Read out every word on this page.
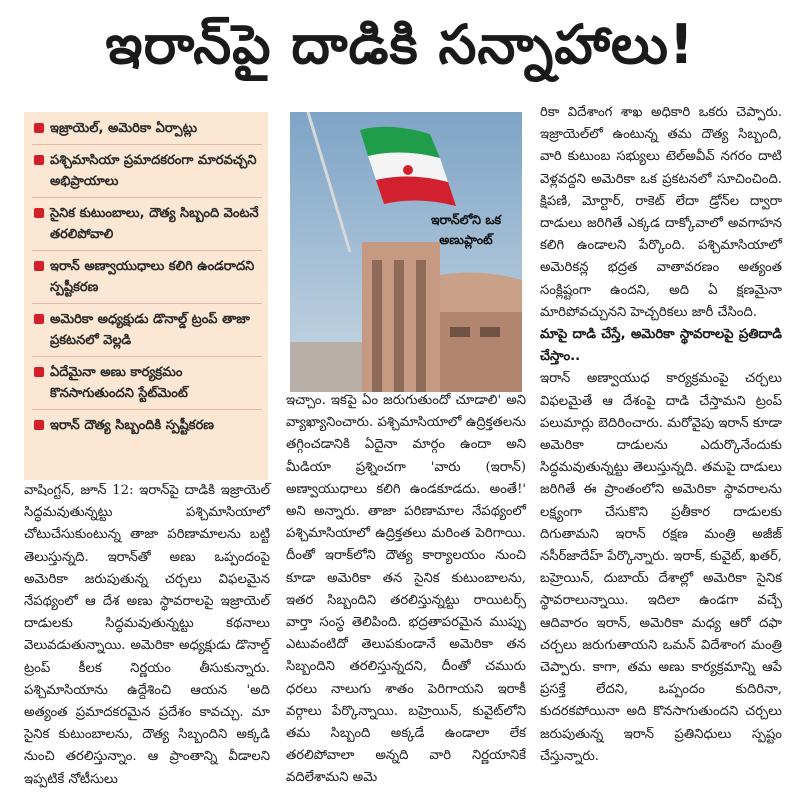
ఇరాన్‌పై దాడికి సన్నాహాలు!
ఇజ్రాయెల్, అమెరికా ఏర్పాట్లు
పశ్చిమాసియా ప్రమాదకరంగా మారవచ్చని అభిప్రాయాలు
సైనిక కుటుంబాలు, దౌత్య సిబ్బంది వెంటనే తరలిపోవాలి
ఇరాన్ అణ్వాయుధాలు కలిగి ఉండరాదని స్పష్టీకరణ
అమెరికా అధ్యక్షుడు డొనాల్డ్ ట్రంప్ తాజా ప్రకటనలో వెల్లడి
ఏదేమైనా అణు కార్యక్రమం కొనసాగుతుందని స్టేట్‌మెంట్
ఇరాన్ దౌత్య సిబ్బందికి స్పష్టీకరణ
ఇరాన్‌లోని ఒక అణుప్లాంట్

వాషింగ్టన్, జూన్ 12: ఇరాన్‌పై దాడికి ఇజ్రాయెల్ సిద్ధమవుతున్నట్టు పశ్చిమాసియాలో చోటుచేసుకుంటున్న తాజా పరిణామాలను బట్టి తెలుస్తున్నది. ఇరాన్‌తో అణు ఒప్పందంపై అమెరికా జరుపుతున్న చర్చలు విఫలమైన నేపథ్యంలో ఆ దేశ అణు స్థావరాలపై ఇజ్రాయెల్ దాడులకు సిద్ధమవుతున్నట్టు కథనాలు వెలువడుతున్నాయి. అమెరికా అధ్యక్షుడు డొనాల్డ్ ట్రంప్ కీలక నిర్ణయం తీసుకున్నారు. పశ్చిమాసియాను ఉద్దేశించి ఆయన 'అది అత్యంత ప్రమాదకరమైన ప్రదేశం కావచ్చు. మా సైనిక కుటుంబాలను, దౌత్య సిబ్బందిని అక్కడి నుంచి తరలిస్తున్నాం. ఆ ప్రాంతాన్ని వీడాలని ఇప్పటికే నోటీసులు

ఇచ్చాం. ఇకపై ఏం జరుగుతుందో చూడాలి' అని వ్యాఖ్యానించారు. పశ్చిమాసియాలో ఉద్రిక్తతలను తగ్గించడానికి ఏదైనా మార్గం ఉందా అని మీడియా ప్రశ్నించగా 'వారు (ఇరాన్) అణ్వాయుధాలు కలిగి ఉండకూడదు. అంతే!' అని అన్నారు. తాజా పరిణామాల నేపథ్యంలో పశ్చిమాసియాలో ఉద్రిక్తతలు మరింత పెరిగాయి. దీంతో ఇరాక్‌లోని దౌత్య కార్యాలయం నుంచి కూడా అమెరికా తన సైనిక కుటుంబాలను, ఇతర సిబ్బందిని తరలిస్తున్నట్టు రాయిటర్స్ వార్తా సంస్థ తెలిపింది. భద్రతాపరమైన ముప్పు ఎటువంటిదో తెలుపకుండానే అమెరికా తన సిబ్బందిని తరలిస్తున్నదని, దీంతో చమురు ధరలు నాలుగు శాతం పెరిగాయని ఇరాకీ వర్గాలు పేర్కొన్నాయి. బహ్రెయిన్, కువైట్‌లోని తమ సిబ్బంది అక్కడే ఉండాలా లేక తరలిపోవాలా అన్నది వారి నిర్ణయానికే వదిలేశామని అమె

రికా విదేశాంగ శాఖ అధికారి ఒకరు చెప్పారు. ఇజ్రాయెల్‌లో ఉంటున్న తమ దౌత్య సిబ్బంది, వారి కుటుంబ సభ్యులు టెల్‌అవీవ్ నగరం దాటి వెళ్లవద్దని అమెరికా ఒక ప్రకటనలో సూచించింది. క్షిపణి, మోర్టార్, రాకెట్ లేదా డ్రోన్‌ల ద్వారా దాడులు జరిగితే ఎక్కడ దాక్కోవాలో అవగాహన కలిగి ఉండాలని పేర్కొంది. పశ్చిమాసియాలో అమెరికన్ల భద్రత వాతావరణం అత్యంత సంక్లిష్టంగా ఉందని, అది ఏ క్షణమైనా మారిపోవచ్చునని హెచ్చరికలు జారీ చేసింది.

మాపై దాడి చేస్తే, అమెరికా స్థావరాలపై ప్రతిదాడి చేస్తాం..

ఇరాన్ అణ్వాయుధ కార్యక్రమంపై చర్చలు విఫలమైతే ఆ దేశంపై దాడి చేస్తామని ట్రంప్ పలుమార్లు బెదిరించారు. మరోవైపు ఇరాన్ కూడా అమెరికా దాడులను ఎదుర్కొనేందుకు సిద్ధమవుతున్నట్టు తెలుస్తున్నది. తమపై దాడులు జరిగితే ఈ ప్రాంతంలోని అమెరికా స్థావరాలను లక్ష్యంగా చేసుకొని ప్రతీకార దాడులకు దిగుతామని ఇరాన్ రక్షణ మంత్రి అజీజ్ నసీర్‌జాదేహ్ పేర్కొన్నారు. ఇరాక్, కువైట్, ఖతర్, బహ్రెయిన్, దుబాయ్ దేశాల్లో అమెరికా సైనిక స్థావరాలున్నాయి. ఇదిలా ఉండగా వచ్చే ఆదివారం ఇరాన్, అమెరికా మధ్య ఆరో దఫా చర్చలు జరుగుతాయని ఒమన్ విదేశాంగ మంత్రి చెప్పారు. కాగా, తమ అణు కార్యక్రమాన్ని ఆపే ప్రసక్తే లేదని, ఒప్పందం కుదిరినా, కుదరకపోయినా అది కొనసాగుతుందని చర్చలు జరుపుతున్న ఇరాన్ ప్రతినిధులు స్పష్టం చేస్తున్నారు.
